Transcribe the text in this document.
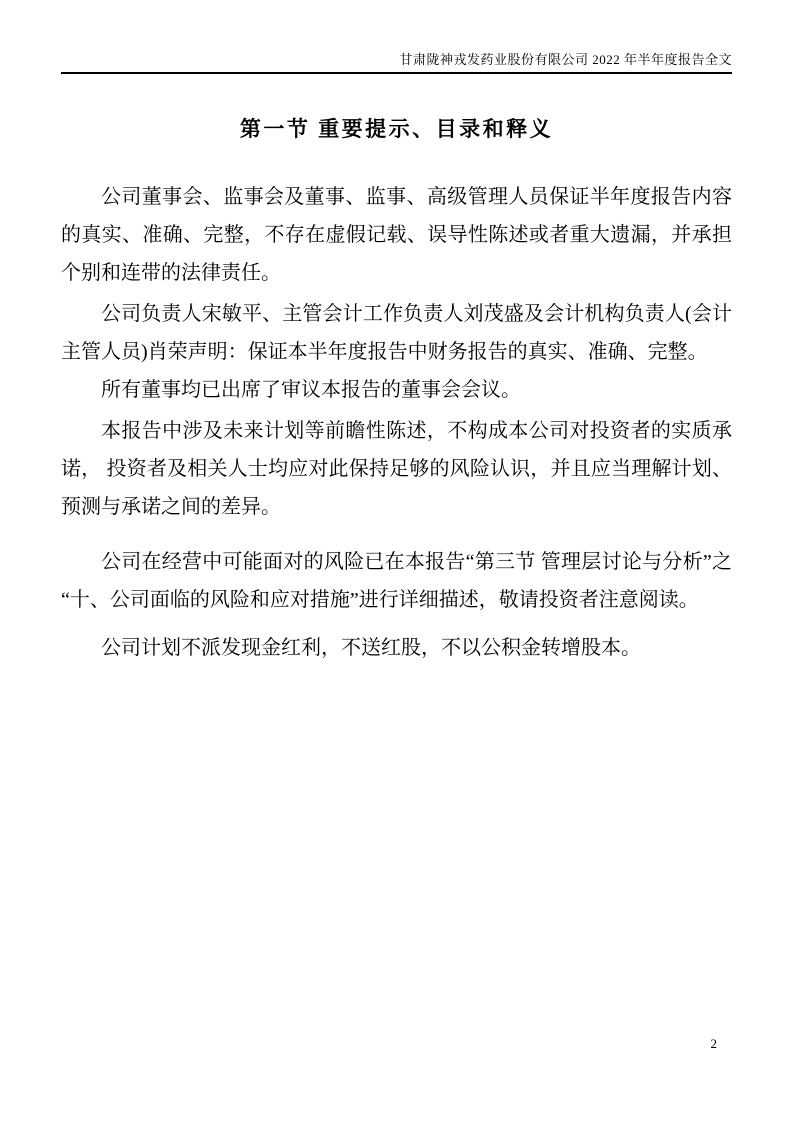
甘肃陇神戎发药业股份有限公司 2022 年半年度报告全文
第一节 重要提示、目录和释义

公司董事会、监事会及董事、监事、高级管理人员保证半年度报告内容的真实、准确、完整，不存在虚假记载、误导性陈述或者重大遗漏，并承担个别和连带的法律责任。

公司负责人宋敏平、主管会计工作负责人刘茂盛及会计机构负责人(会计主管人员)肖荣声明：保证本半年度报告中财务报告的真实、准确、完整。

所有董事均已出席了审议本报告的董事会会议。

本报告中涉及未来计划等前瞻性陈述，不构成本公司对投资者的实质承诺， 投资者及相关人士均应对此保持足够的风险认识，并且应当理解计划、预测与承诺之间的差异。

公司在经营中可能面对的风险已在本报告“第三节 管理层讨论与分析”之“十、公司面临的风险和应对措施”进行详细描述，敬请投资者注意阅读。

公司计划不派发现金红利，不送红股，不以公积金转增股本。

2
